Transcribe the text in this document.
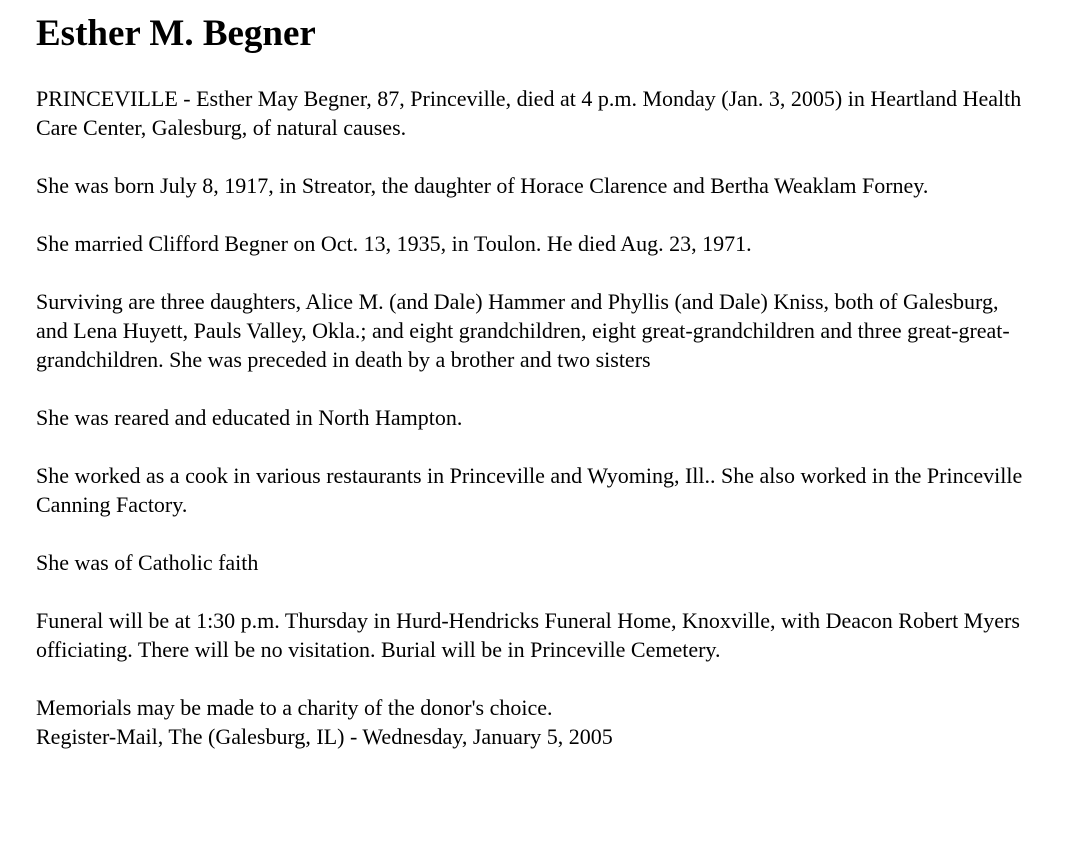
Esther M. Begner

PRINCEVILLE - Esther May Begner, 87, Princeville, died at 4 p.m. Monday (Jan. 3, 2005) in Heartland Health Care Center, Galesburg, of natural causes.

She was born July 8, 1917, in Streator, the daughter of Horace Clarence and Bertha Weaklam Forney.

She married Clifford Begner on Oct. 13, 1935, in Toulon. He died Aug. 23, 1971.

Surviving are three daughters, Alice M. (and Dale) Hammer and Phyllis (and Dale) Kniss, both of Galesburg, and Lena Huyett, Pauls Valley, Okla.; and eight grandchildren, eight great-grandchildren and three great-great-grandchildren. She was preceded in death by a brother and two sisters

She was reared and educated in North Hampton.

She worked as a cook in various restaurants in Princeville and Wyoming, Ill.. She also worked in the Princeville Canning Factory.

She was of Catholic faith

Funeral will be at 1:30 p.m. Thursday in Hurd-Hendricks Funeral Home, Knoxville, with Deacon Robert Myers officiating. There will be no visitation. Burial will be in Princeville Cemetery.

Memorials may be made to a charity of the donor's choice.

Register-Mail, The (Galesburg, IL) - Wednesday, January 5, 2005
